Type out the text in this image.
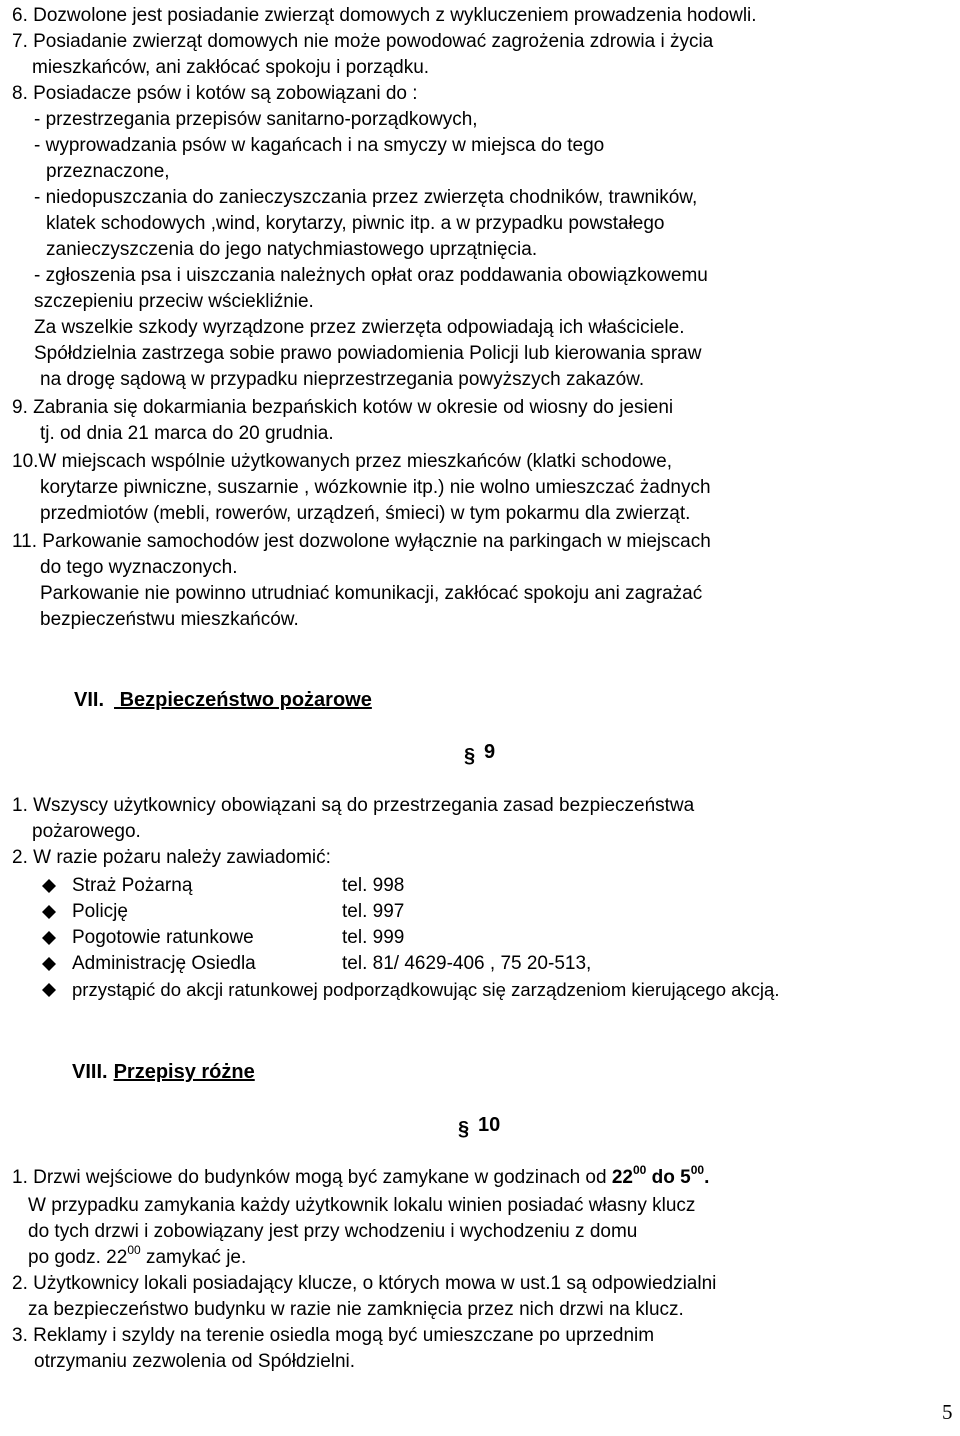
6. Dozwolone jest posiadanie zwierząt domowych z wykluczeniem prowadzenia hodowli.
7. Posiadanie zwierząt domowych nie może powodować zagrożenia zdrowia i życia
mieszkańców, ani zakłócać spokoju i porządku.
8. Posiadacze psów i kotów są zobowiązani do :
- przestrzegania przepisów sanitarno-porządkowych,
- wyprowadzania psów w kagańcach i na smyczy w miejsca do tego
przeznaczone,
- niedopuszczania do zanieczyszczania przez zwierzęta chodników, trawników,
klatek schodowych ,wind, korytarzy, piwnic itp. a w przypadku powstałego
zanieczyszczenia do jego natychmiastowego uprzątnięcia.
- zgłoszenia psa i uiszczania należnych opłat oraz poddawania obowiązkowemu
szczepieniu przeciw wściekliźnie.
Za wszelkie szkody wyrządzone przez zwierzęta odpowiadają ich właściciele.
Spółdzielnia zastrzega sobie prawo powiadomienia Policji lub kierowania spraw
na drogę sądową w przypadku nieprzestrzegania powyższych zakazów.
9. Zabrania się dokarmiania bezpańskich kotów w okresie od wiosny do jesieni
tj. od dnia 21 marca do 20 grudnia.
10.W miejscach wspólnie użytkowanych przez mieszkańców (klatki schodowe,
korytarze piwniczne, suszarnie , wózkownie itp.) nie wolno umieszczać żadnych
przedmiotów (mebli, rowerów, urządzeń, śmieci) w tym pokarmu dla zwierząt.
11. Parkowanie samochodów jest dozwolone wyłącznie na parkingach w miejscach
do tego wyznaczonych.
Parkowanie nie powinno utrudniać komunikacji, zakłócać spokoju ani zagrażać
bezpieczeństwu mieszkańców.
VII. Bezpieczeństwo pożarowe
§ 9
1. Wszyscy użytkownicy obowiązani są do przestrzegania zasad bezpieczeństwa
pożarowego.
2. W razie pożaru należy zawiadomić:
Straż Pożarną	tel. 998
Policję	tel. 997
Pogotowie ratunkowe	tel. 999
Administrację Osiedla	tel. 81/ 4629-406 , 75 20-513,
przystąpić do akcji ratunkowej podporządkowując się zarządzeniom kierującego akcją.
VIII. Przepisy różne
§ 10
1. Drzwi wejściowe do budynków mogą być zamykane w godzinach od $22^{00}$ do $5^{00}$.
W przypadku zamykania każdy użytkownik lokalu winien posiadać własny klucz
do tych drzwi i zobowiązany jest przy wchodzeniu i wychodzeniu z domu
po godz. $22^{00}$ zamykać je.
2. Użytkownicy lokali posiadający klucze, o których mowa w ust.1 są odpowiedzialni
za bezpieczeństwo budynku w razie nie zamknięcia przez nich drzwi na klucz.
3. Reklamy i szyldy na terenie osiedla mogą być umieszczane po uprzednim
otrzymaniu zezwolenia od Spółdzielni.
5
